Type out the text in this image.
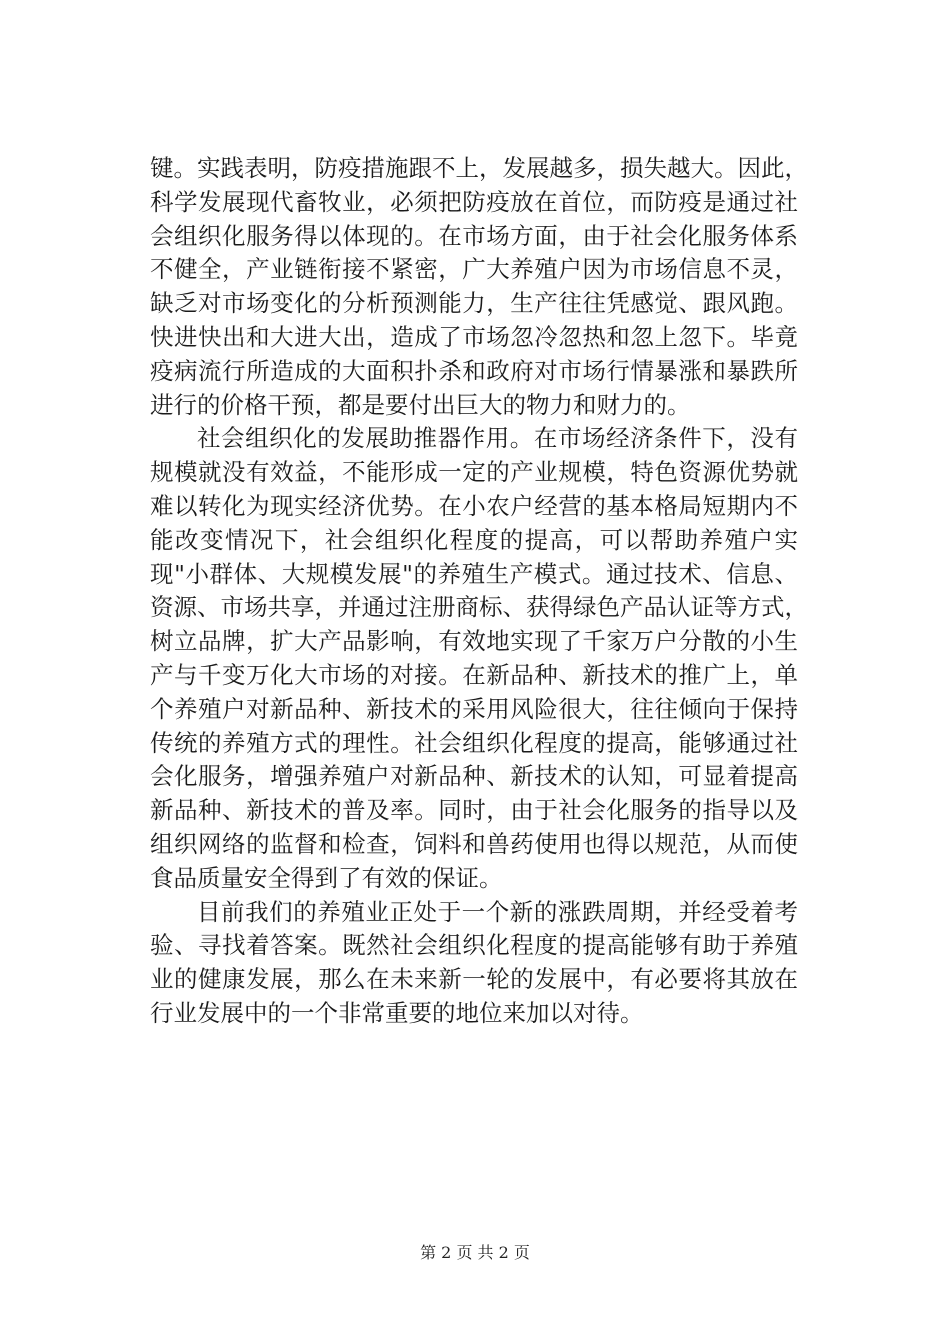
键。实践表明，防疫措施跟不上，发展越多，损失越大。因此，
科学发展现代畜牧业，必须把防疫放在首位，而防疫是通过社
会组织化服务得以体现的。在市场方面，由于社会化服务体系
不健全，产业链衔接不紧密，广大养殖户因为市场信息不灵，
缺乏对市场变化的分析预测能力，生产往往凭感觉、跟风跑。
快进快出和大进大出，造成了市场忽冷忽热和忽上忽下。毕竟
疫病流行所造成的大面积扑杀和政府对市场行情暴涨和暴跌所
进行的价格干预，都是要付出巨大的物力和财力的。
社会组织化的发展助推器作用。在市场经济条件下，没有
规模就没有效益，不能形成一定的产业规模，特色资源优势就
难以转化为现实经济优势。在小农户经营的基本格局短期内不
能改变情况下，社会组织化程度的提高，可以帮助养殖户实
现"小群体、大规模发展"的养殖生产模式。通过技术、信息、
资源、市场共享，并通过注册商标、获得绿色产品认证等方式，
树立品牌，扩大产品影响，有效地实现了千家万户分散的小生
产与千变万化大市场的对接。在新品种、新技术的推广上，单
个养殖户对新品种、新技术的采用风险很大，往往倾向于保持
传统的养殖方式的理性。社会组织化程度的提高，能够通过社
会化服务，增强养殖户对新品种、新技术的认知，可显着提高
新品种、新技术的普及率。同时，由于社会化服务的指导以及
组织网络的监督和检查，饲料和兽药使用也得以规范，从而使
食品质量安全得到了有效的保证。
目前我们的养殖业正处于一个新的涨跌周期，并经受着考
验、寻找着答案。既然社会组织化程度的提高能够有助于养殖
业的健康发展，那么在未来新一轮的发展中，有必要将其放在
行业发展中的一个非常重要的地位来加以对待。
第 2 页 共 2 页
